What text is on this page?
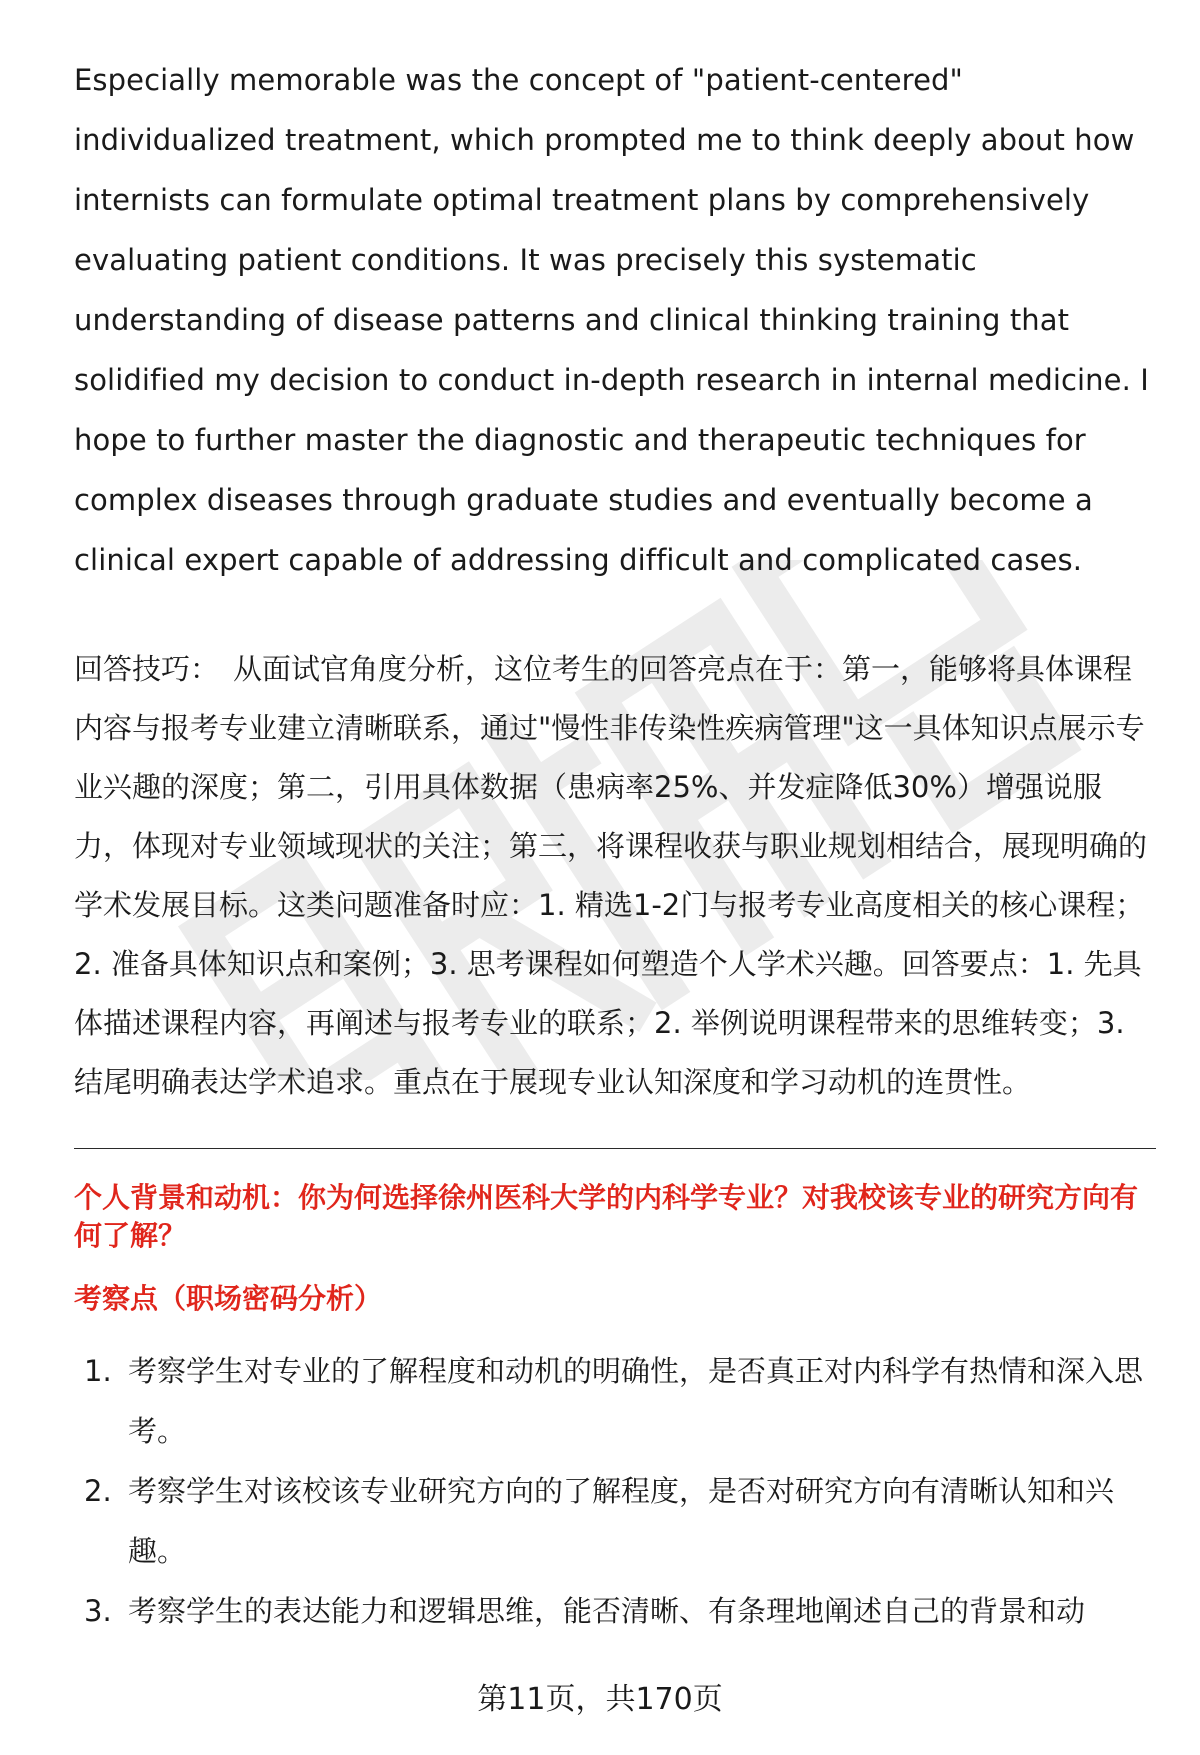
Especially memorable was the concept of "patient-centered" individualized treatment, which prompted me to think deeply about how internists can formulate optimal treatment plans by comprehensively evaluating patient conditions. It was precisely this systematic understanding of disease patterns and clinical thinking training that solidified my decision to conduct in-depth research in internal medicine. I hope to further master the diagnostic and therapeutic techniques for complex diseases through graduate studies and eventually become a clinical expert capable of addressing difficult and complicated cases.

回答技巧： 从面试官角度分析，这位考生的回答亮点在于：第一，能够将具体课程内容与报考专业建立清晰联系，通过"慢性非传染性疾病管理"这一具体知识点展示专业兴趣的深度；第二，引用具体数据（患病率25%、并发症降低30%）增强说服力，体现对专业领域现状的关注；第三，将课程收获与职业规划相结合，展现明确的学术发展目标。这类问题准备时应：1. 精选1-2门与报考专业高度相关的核心课程；2. 准备具体知识点和案例；3. 思考课程如何塑造个人学术兴趣。回答要点：1. 先具体描述课程内容，再阐述与报考专业的联系；2. 举例说明课程带来的思维转变；3. 结尾明确表达学术追求。重点在于展现专业认知深度和学习动机的连贯性。

个人背景和动机：你为何选择徐州医科大学的内科学专业？对我校该专业的研究方向有何了解？
考察点（职场密码分析）
1. 考察学生对专业的了解程度和动机的明确性，是否真正对内科学有热情和深入思考。
2. 考察学生对该校该专业研究方向的了解程度，是否对研究方向有清晰认知和兴趣。
3. 考察学生的表达能力和逻辑思维，能否清晰、有条理地阐述自己的背景和动
第11页，共170页
